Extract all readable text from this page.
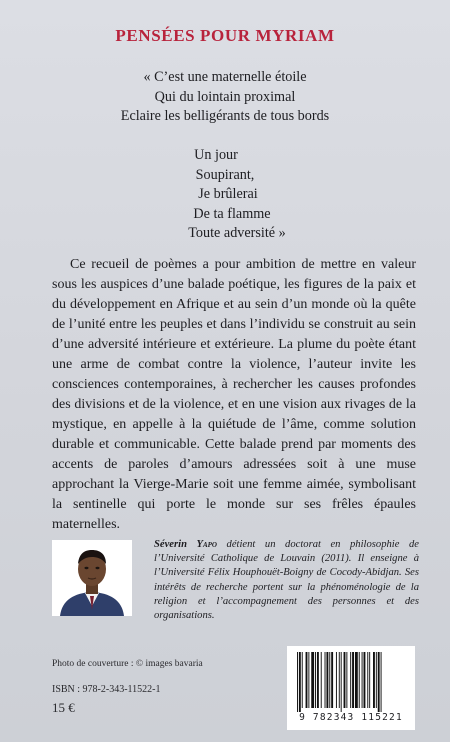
PENSÉES POUR MYRIAM
« C’est une maternelle étoile
Qui du lointain proximal
Eclaire les belligérants de tous bords
Un jour
Soupirant,
Je brûlerai
De ta flamme
Toute adversité »

Ce recueil de poèmes a pour ambition de mettre en valeur sous les auspices d’une balade poétique, les figures de la paix et du développement en Afrique et au sein d’un monde où la quête de l’unité entre les peuples et dans l’individu se construit au sein d’une adversité intérieure et extérieure. La plume du poète étant une arme de combat contre la violence, l’auteur invite les consciences contemporaines, à rechercher les causes profondes des divisions et de la violence, et en une vision aux rivages de la mystique, en appelle à la quiétude de l’âme, comme solution durable et communicable. Cette balade prend par moments des accents de paroles d’amours adressées soit à une muse approchant la Vierge-Marie soit une femme aimée, symbolisant la sentinelle qui porte le monde sur ses frêles épaules maternelles.

Séverin Yapo détient un doctorat en philosophie de l’Université Catholique de Louvain (2011). Il enseigne à l’Université Félix Houphouët-Boigny de Cocody-Abidjan. Ses intérêts de recherche portent sur la phénoménologie de la religion et l’accompagnement des personnes et des organisations.
Photo de couverture : © images bavaria
ISBN : 978-2-343-11522-1
15 €
9 782343 115221
